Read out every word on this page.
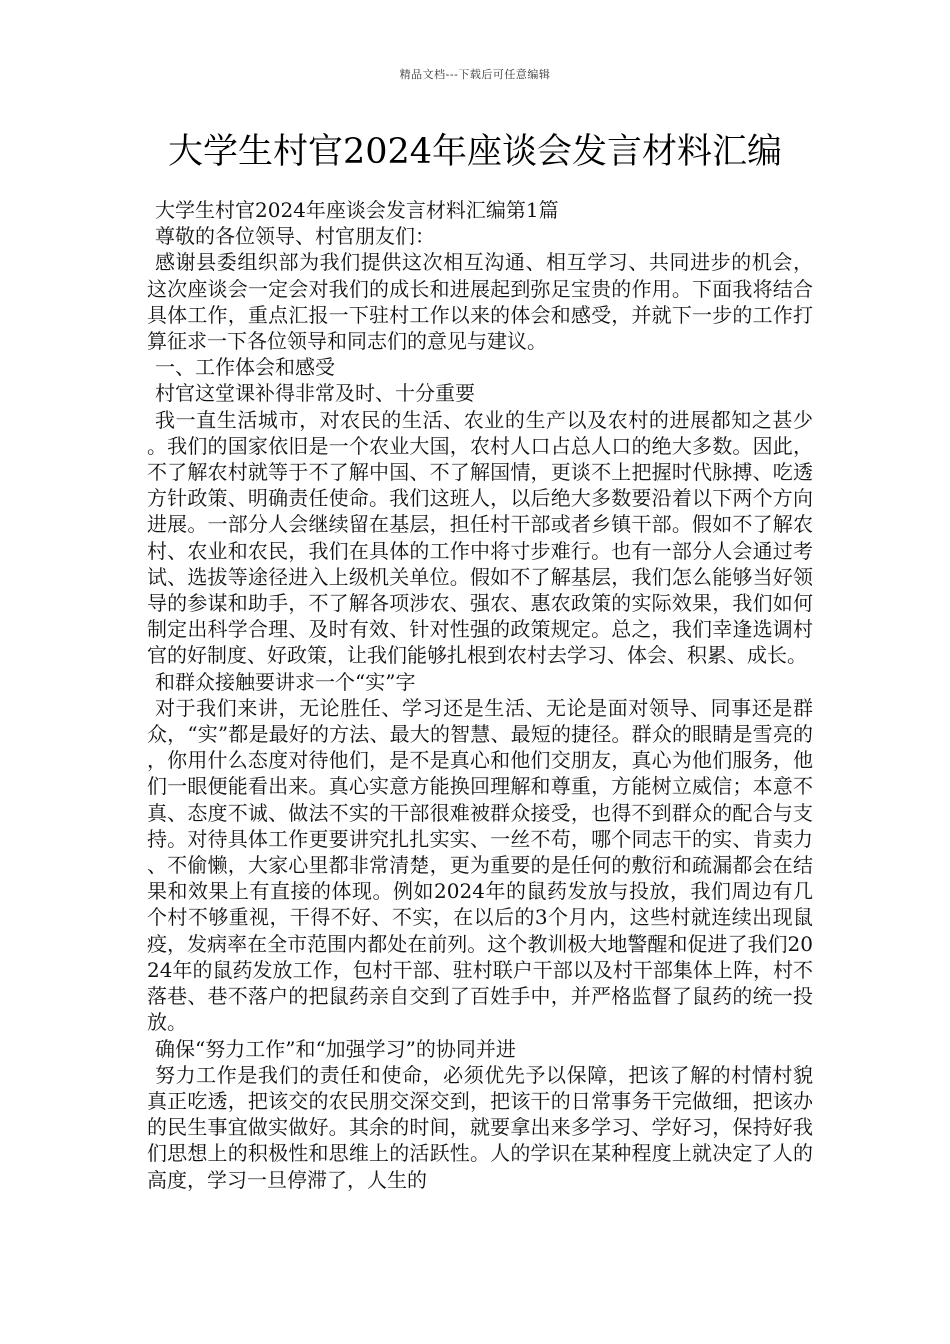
精品文档---下载后可任意编辑
大学生村官2024年座谈会发言材料汇编

大学生村官2024年座谈会发言材料汇编第1篇

尊敬的各位领导、村官朋友们：

感谢县委组织部为我们提供这次相互沟通、相互学习、共同进步的机会，这次座谈会一定会对我们的成长和进展起到弥足宝贵的作用。下面我将结合具体工作，重点汇报一下驻村工作以来的体会和感受，并就下一步的工作打算征求一下各位领导和同志们的意见与建议。

一、工作体会和感受

村官这堂课补得非常及时、十分重要

我一直生活城市，对农民的生活、农业的生产以及农村的进展都知之甚少。我们的国家依旧是一个农业大国，农村人口占总人口的绝大多数。因此，不了解农村就等于不了解中国、不了解国情，更谈不上把握时代脉搏、吃透方针政策、明确责任使命。我们这班人，以后绝大多数要沿着以下两个方向进展。一部分人会继续留在基层，担任村干部或者乡镇干部。假如不了解农村、农业和农民，我们在具体的工作中将寸步难行。也有一部分人会通过考试、选拔等途径进入上级机关单位。假如不了解基层，我们怎么能够当好领导的参谋和助手，不了解各项涉农、强农、惠农政策的实际效果，我们如何制定出科学合理、及时有效、针对性强的政策规定。总之，我们幸逢选调村官的好制度、好政策，让我们能够扎根到农村去学习、体会、积累、成长。

和群众接触要讲求一个“实”字

对于我们来讲，无论胜任、学习还是生活、无论是面对领导、同事还是群众，“实”都是最好的方法、最大的智慧、最短的捷径。群众的眼睛是雪亮的，你用什么态度对待他们，是不是真心和他们交朋友，真心为他们服务，他们一眼便能看出来。真心实意方能换回理解和尊重，方能树立威信；本意不真、态度不诚、做法不实的干部很难被群众接受，也得不到群众的配合与支持。对待具体工作更要讲究扎扎实实、一丝不苟，哪个同志干的实、肯卖力、不偷懒，大家心里都非常清楚，更为重要的是任何的敷衍和疏漏都会在结果和效果上有直接的体现。例如2024年的鼠药发放与投放，我们周边有几个村不够重视，干得不好、不实，在以后的3个月内，这些村就连续出现鼠疫，发病率在全市范围内都处在前列。这个教训极大地警醒和促进了我们2024年的鼠药发放工作，包村干部、驻村联户干部以及村干部集体上阵，村不落巷、巷不落户的把鼠药亲自交到了百姓手中，并严格监督了鼠药的统一投放。

确保“努力工作”和“加强学习”的协同并进

努力工作是我们的责任和使命，必须优先予以保障，把该了解的村情村貌真正吃透，把该交的农民朋交深交到，把该干的日常事务干完做细，把该办的民生事宜做实做好。其余的时间，就要拿出来多学习、学好习，保持好我们思想上的积极性和思维上的活跃性。人的学识在某种程度上就决定了人的高度，学习一旦停滞了，人生的
